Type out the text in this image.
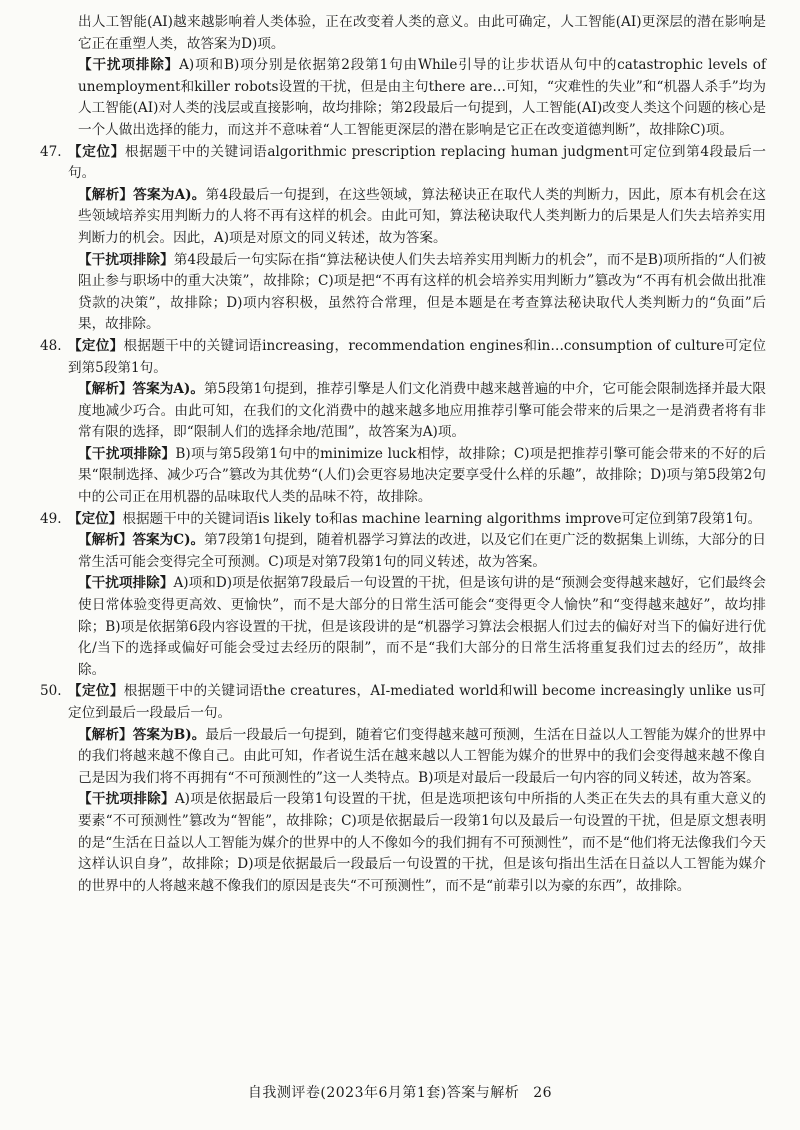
出人工智能(AI)越来越影响着人类体验，正在改变着人类的意义。由此可确定，人工智能(AI)更深层的潜在影响是它正在重塑人类，故答案为D)项。

【干扰项排除】A)项和B)项分别是依据第2段第1句由While引导的让步状语从句中的catastrophic levels of unemployment和killer robots设置的干扰，但是由主句there are…可知，“灾难性的失业”和“机器人杀手”均为人工智能(AI)对人类的浅层或直接影响，故均排除；第2段最后一句提到，人工智能(AI)改变人类这个问题的核心是一个人做出选择的能力，而这并不意味着“人工智能更深层的潜在影响是它正在改变道德判断”，故排除C)项。

47. 【定位】根据题干中的关键词语algorithmic prescription replacing human judgment可定位到第4段最后一句。

【解析】答案为A)。第4段最后一句提到，在这些领域，算法秘诀正在取代人类的判断力，因此，原本有机会在这些领域培养实用判断力的人将不再有这样的机会。由此可知，算法秘诀取代人类判断力的后果是人们失去培养实用判断力的机会。因此，A)项是对原文的同义转述，故为答案。

【干扰项排除】第4段最后一句实际在指“算法秘诀使人们失去培养实用判断力的机会”，而不是B)项所指的“人们被阻止参与职场中的重大决策”，故排除；C)项是把“不再有这样的机会培养实用判断力”篡改为“不再有机会做出批准贷款的决策”，故排除；D)项内容积极，虽然符合常理，但是本题是在考查算法秘诀取代人类判断力的“负面”后果，故排除。

48. 【定位】根据题干中的关键词语increasing，recommendation engines和in…consumption of culture可定位到第5段第1句。

【解析】答案为A)。第5段第1句提到，推荐引擎是人们文化消费中越来越普遍的中介，它可能会限制选择并最大限度地减少巧合。由此可知，在我们的文化消费中的越来越多地应用推荐引擎可能会带来的后果之一是消费者将有非常有限的选择，即“限制人们的选择余地/范围”，故答案为A)项。

【干扰项排除】B)项与第5段第1句中的minimize luck相悖，故排除；C)项是把推荐引擎可能会带来的不好的后果“限制选择、减少巧合”篡改为其优势“(人们)会更容易地决定要享受什么样的乐趣”，故排除；D)项与第5段第2句中的公司正在用机器的品味取代人类的品味不符，故排除。

49. 【定位】根据题干中的关键词语is likely to和as machine learning algorithms improve可定位到第7段第1句。

【解析】答案为C)。第7段第1句提到，随着机器学习算法的改进，以及它们在更广泛的数据集上训练，大部分的日常生活可能会变得完全可预测。C)项是对第7段第1句的同义转述，故为答案。

【干扰项排除】A)项和D)项是依据第7段最后一句设置的干扰，但是该句讲的是“预测会变得越来越好，它们最终会使日常体验变得更高效、更愉快”，而不是大部分的日常生活可能会“变得更令人愉快”和“变得越来越好”，故均排除；B)项是依据第6段内容设置的干扰，但是该段讲的是“机器学习算法会根据人们过去的偏好对当下的偏好进行优化/当下的选择或偏好可能会受过去经历的限制”，而不是“我们大部分的日常生活将重复我们过去的经历”，故排除。

50. 【定位】根据题干中的关键词语the creatures，AI-mediated world和will become increasingly unlike us可定位到最后一段最后一句。

【解析】答案为B)。最后一段最后一句提到，随着它们变得越来越可预测，生活在日益以人工智能为媒介的世界中的我们将越来越不像自己。由此可知，作者说生活在越来越以人工智能为媒介的世界中的我们会变得越来越不像自己是因为我们将不再拥有“不可预测性的”这一人类特点。B)项是对最后一段最后一句内容的同义转述，故为答案。

【干扰项排除】A)项是依据最后一段第1句设置的干扰，但是选项把该句中所指的人类正在失去的具有重大意义的要素“不可预测性”篡改为“智能”，故排除；C)项是依据最后一段第1句以及最后一句设置的干扰，但是原文想表明的是“生活在日益以人工智能为媒介的世界中的人不像如今的我们拥有不可预测性”，而不是“他们将无法像我们今天这样认识自身”，故排除；D)项是依据最后一段最后一句设置的干扰，但是该句指出生活在日益以人工智能为媒介的世界中的人将越来越不像我们的原因是丧失“不可预测性”，而不是“前辈引以为豪的东西”，故排除。

自我测评卷(2023年6月第1套)答案与解析 26
